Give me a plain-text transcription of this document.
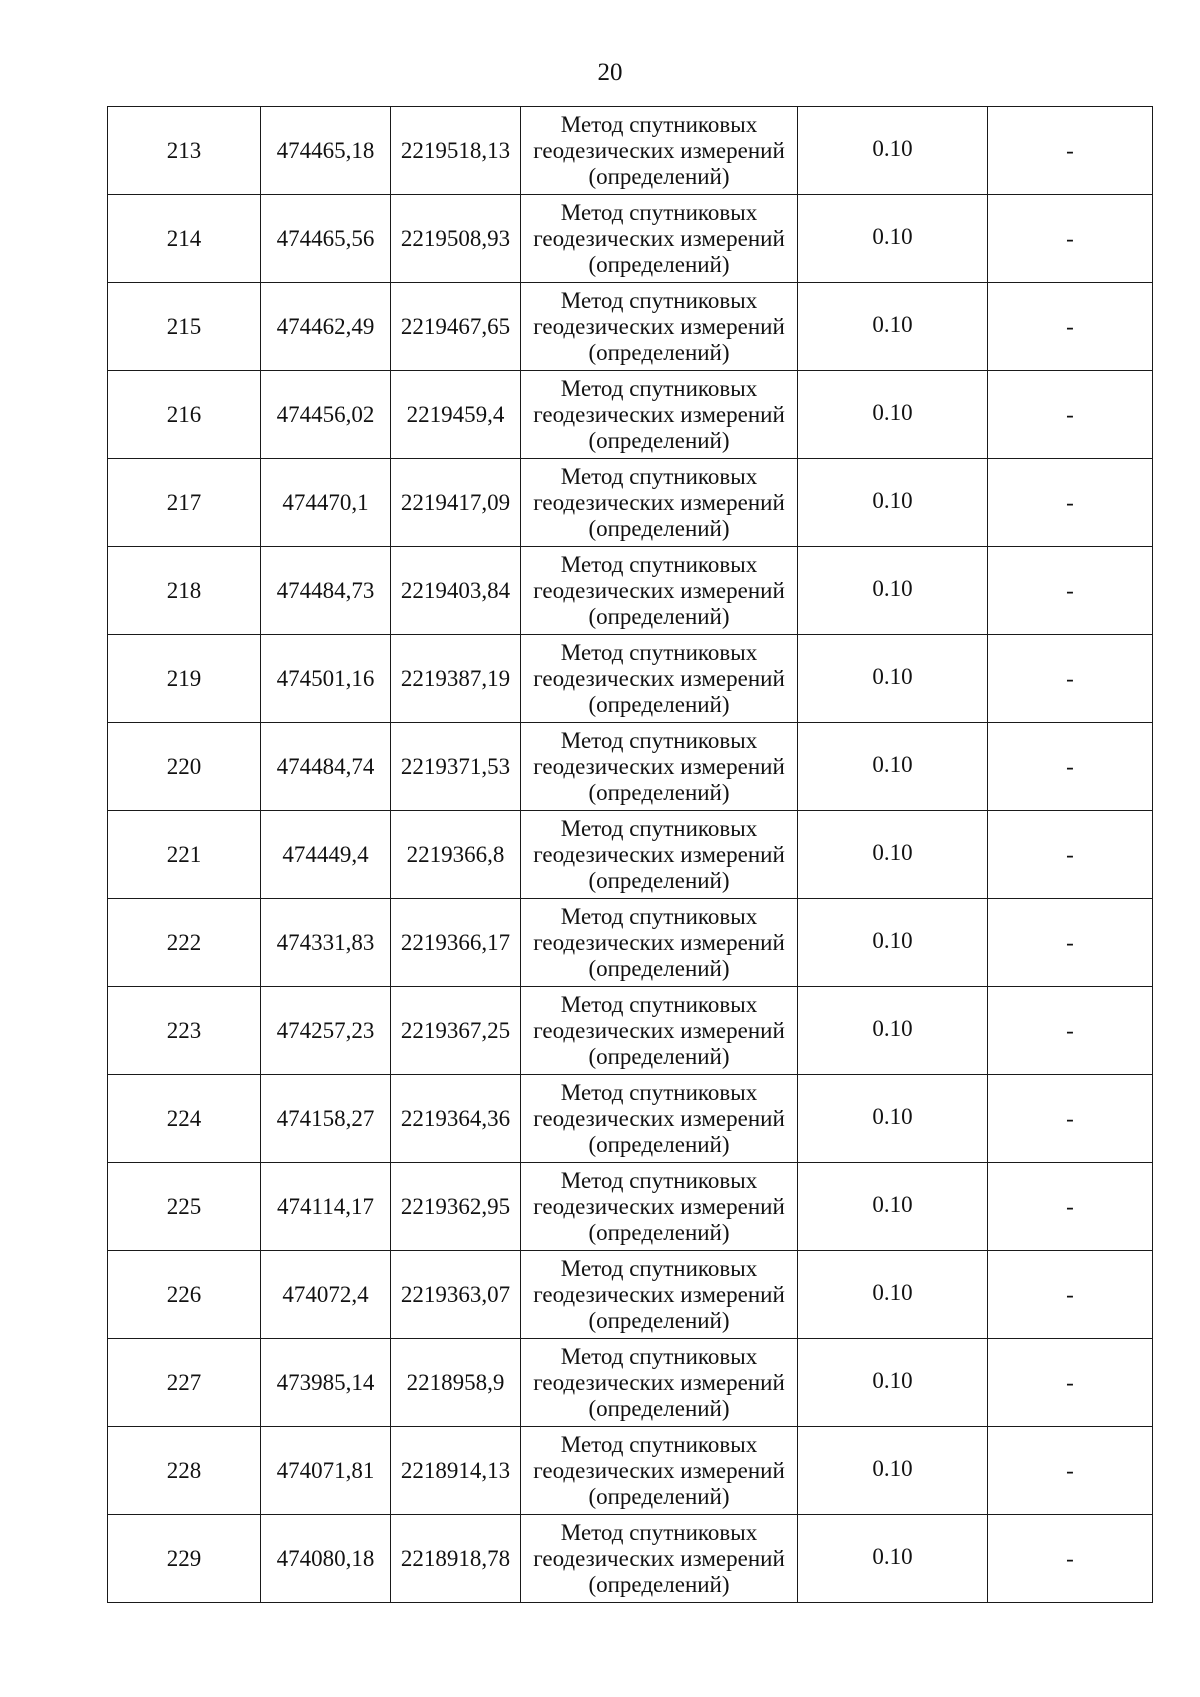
20
213	474465,18	2219518,13	Метод спутниковых
геодезических измерений
(определений)	0.10	-
214	474465,56	2219508,93	Метод спутниковых
геодезических измерений
(определений)	0.10	-
215	474462,49	2219467,65	Метод спутниковых
геодезических измерений
(определений)	0.10	-
216	474456,02	2219459,4	Метод спутниковых
геодезических измерений
(определений)	0.10	-
217	474470,1	2219417,09	Метод спутниковых
геодезических измерений
(определений)	0.10	-
218	474484,73	2219403,84	Метод спутниковых
геодезических измерений
(определений)	0.10	-
219	474501,16	2219387,19	Метод спутниковых
геодезических измерений
(определений)	0.10	-
220	474484,74	2219371,53	Метод спутниковых
геодезических измерений
(определений)	0.10	-
221	474449,4	2219366,8	Метод спутниковых
геодезических измерений
(определений)	0.10	-
222	474331,83	2219366,17	Метод спутниковых
геодезических измерений
(определений)	0.10	-
223	474257,23	2219367,25	Метод спутниковых
геодезических измерений
(определений)	0.10	-
224	474158,27	2219364,36	Метод спутниковых
геодезических измерений
(определений)	0.10	-
225	474114,17	2219362,95	Метод спутниковых
геодезических измерений
(определений)	0.10	-
226	474072,4	2219363,07	Метод спутниковых
геодезических измерений
(определений)	0.10	-
227	473985,14	2218958,9	Метод спутниковых
геодезических измерений
(определений)	0.10	-
228	474071,81	2218914,13	Метод спутниковых
геодезических измерений
(определений)	0.10	-
229	474080,18	2218918,78	Метод спутниковых
геодезических измерений
(определений)	0.10	-
